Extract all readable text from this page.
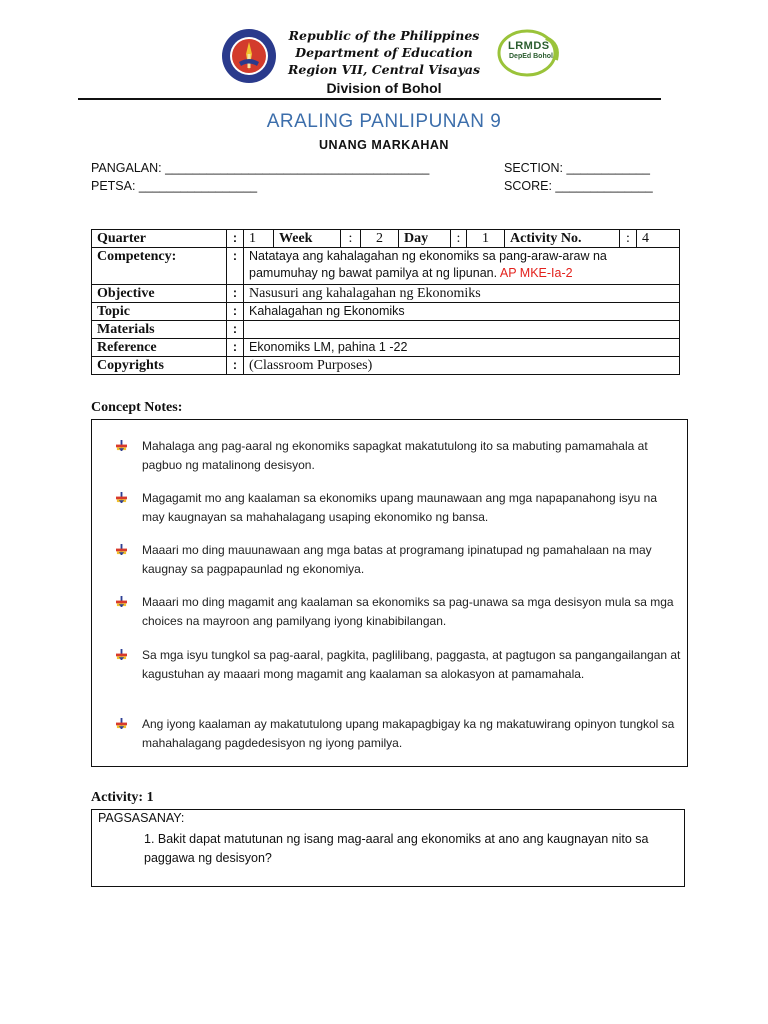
Republic of the Philippines
Department of Education
Region VII, Central Visayas
Division of Bohol
LRMDS
DepEd Bohol
ARALING PANLIPUNAN 9
UNANG MARKAHAN
PANGALAN: ______________________________________	SECTION: ____________
PETSA: _________________	SCORE: ______________
Quarter	:	1	Week	:	2	Day	:	1	Activity No.	:	4
Competency:	:	Natataya ang kahalagahan ng ekonomiks sa pang-araw-araw na pamumuhay ng bawat pamilya at ng lipunan. AP MKE-Ia-2									
Objective	:	Nasusuri ang kahalagahan ng Ekonomiks									
Topic	:	Kahalagahan ng Ekonomiks									
Materials	:										
Reference	:	Ekonomiks LM, pahina 1 -22									
Copyrights	:	(Classroom Purposes)									
Concept Notes:
Mahalaga ang pag-aaral ng ekonomiks sapagkat makatutulong ito sa mabuting pamamahala at pagbuo ng matalinong desisyon.
Magagamit mo ang kaalaman sa ekonomiks upang maunawaan ang mga napapanahong isyu na may kaugnayan sa mahahalagang usaping ekonomiko ng bansa.
Maaari mo ding mauunawaan ang mga batas at programang ipinatupad ng pamahalaan na may kaugnay sa pagpapaunlad ng ekonomiya.
Maaari mo ding magamit ang kaalaman sa ekonomiks sa pag-unawa sa mga desisyon mula sa mga choices na mayroon ang pamilyang iyong kinabibilangan.
Sa mga isyu tungkol sa pag-aaral, pagkita, paglilibang, paggasta, at pagtugon sa pangangailangan at kagustuhan ay maaari mong magamit ang kaalaman sa alokasyon at pamamahala.
Ang iyong kaalaman ay makatutulong upang makapagbigay ka ng makatuwirang opinyon tungkol sa mahahalagang pagdedesisyon ng iyong pamilya.
Activity: 1
PAGSASANAY:
1. Bakit dapat matutunan ng isang mag-aaral ang ekonomiks at ano ang kaugnayan nito sa paggawa ng desisyon?
